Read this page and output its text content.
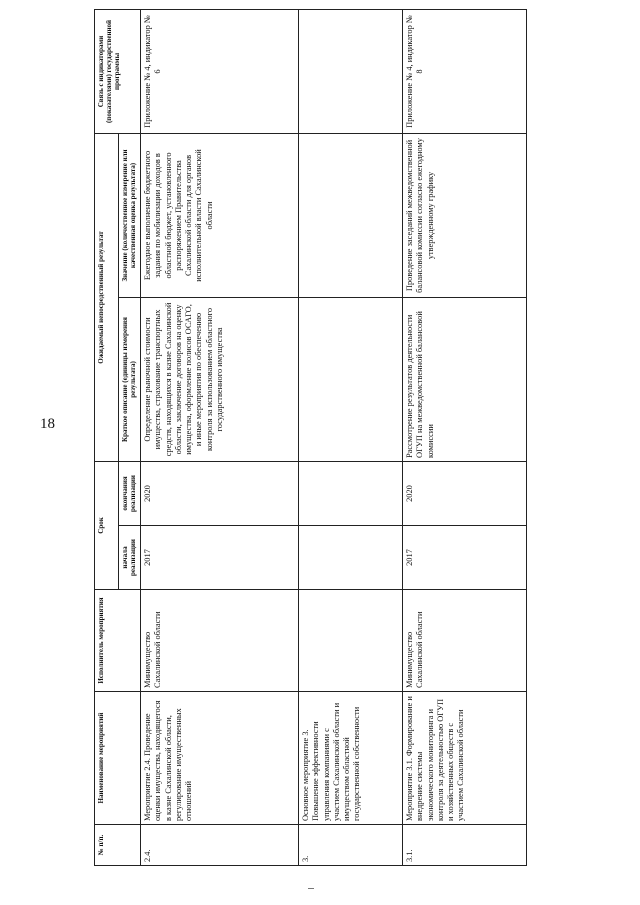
18
№ п/п.	Наименование мероприятий	Исполнитель мероприятия	Срок		Ожидаемый непосредственный результат		Связь с индикаторами (показателями) государственной программы
			начала реализации	окончания реализации	Краткое описание (единицы измерения результата)	Значение (количественное измерение или качественная оценка результата)	
2.4.	Мероприятие 2.4. Проведение оценки имущества, находящегося в казне Сахалинской области, регулирование имущественных отношений	Минимущество Сахалинской области	2017	2020	Определение рыночной стоимости имущества, страхование транспортных средств, находящихся в казне Сахалинской области, заключение договоров на оценку имущества, оформление полисов ОСАГО, и иные мероприятия по обеспечению контроля за использованием областного государственного имущества	Ежегодное выполнение бюджетного задания по мобилизации доходов в областной бюджет, установленного распоряжением Правительства Сахалинской области для органов исполнительной власти Сахалинской области	Приложение № 4, индикатор № 6
3.	Основное мероприятие 3. Повышение эффективности управления компаниями с участием Сахалинской области и имуществом областной государственной собственности						
3.1.	Мероприятие 3.1. Формирование и внедрение системы экономического мониторинга и контроля за деятельностью ОГУП и хозяйственных обществ с участием Сахалинской области	Минимущество Сахалинской области	2017	2020	Рассмотрение результатов деятельности ОГУП на межведомственной балансовой комиссии	Проведение заседаний межведомственной балансовой комиссии согласно ежегодному утвержденному графику	Приложение № 4, индикатор № 8
